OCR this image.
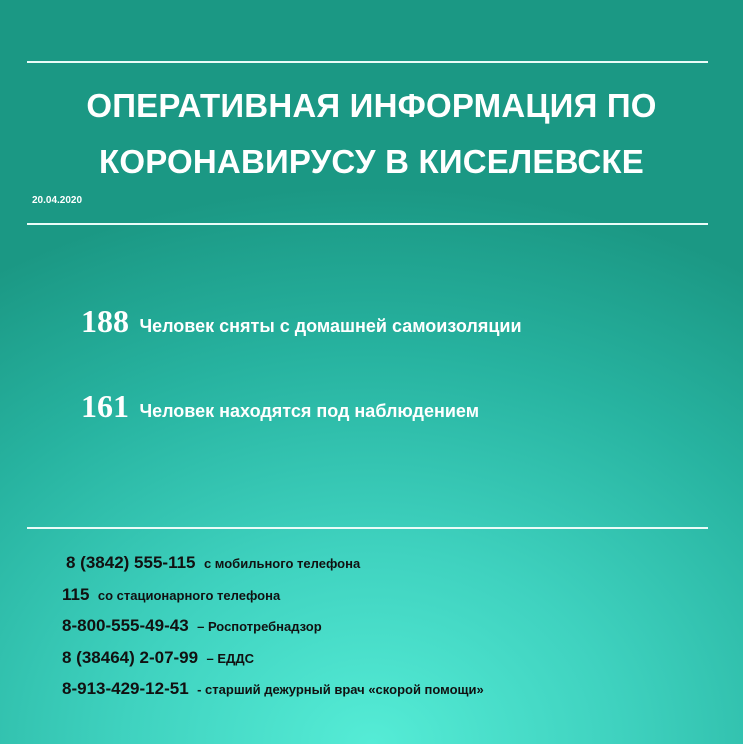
ОПЕРАТИВНАЯ ИНФОРМАЦИЯ ПО
КОРОНАВИРУСУ В КИСЕЛЕВСКЕ
20.04.2020
188 Человек сняты с домашней самоизоляции
161 Человек находятся под наблюдением
8 (3842) 555-115 с мобильного телефона
115 со стационарного телефона
8-800-555-49-43 – Роспотребнадзор
8 (38464) 2-07-99 – ЕДДС
8-913-429-12-51 - старший дежурный врач «скорой помощи»
